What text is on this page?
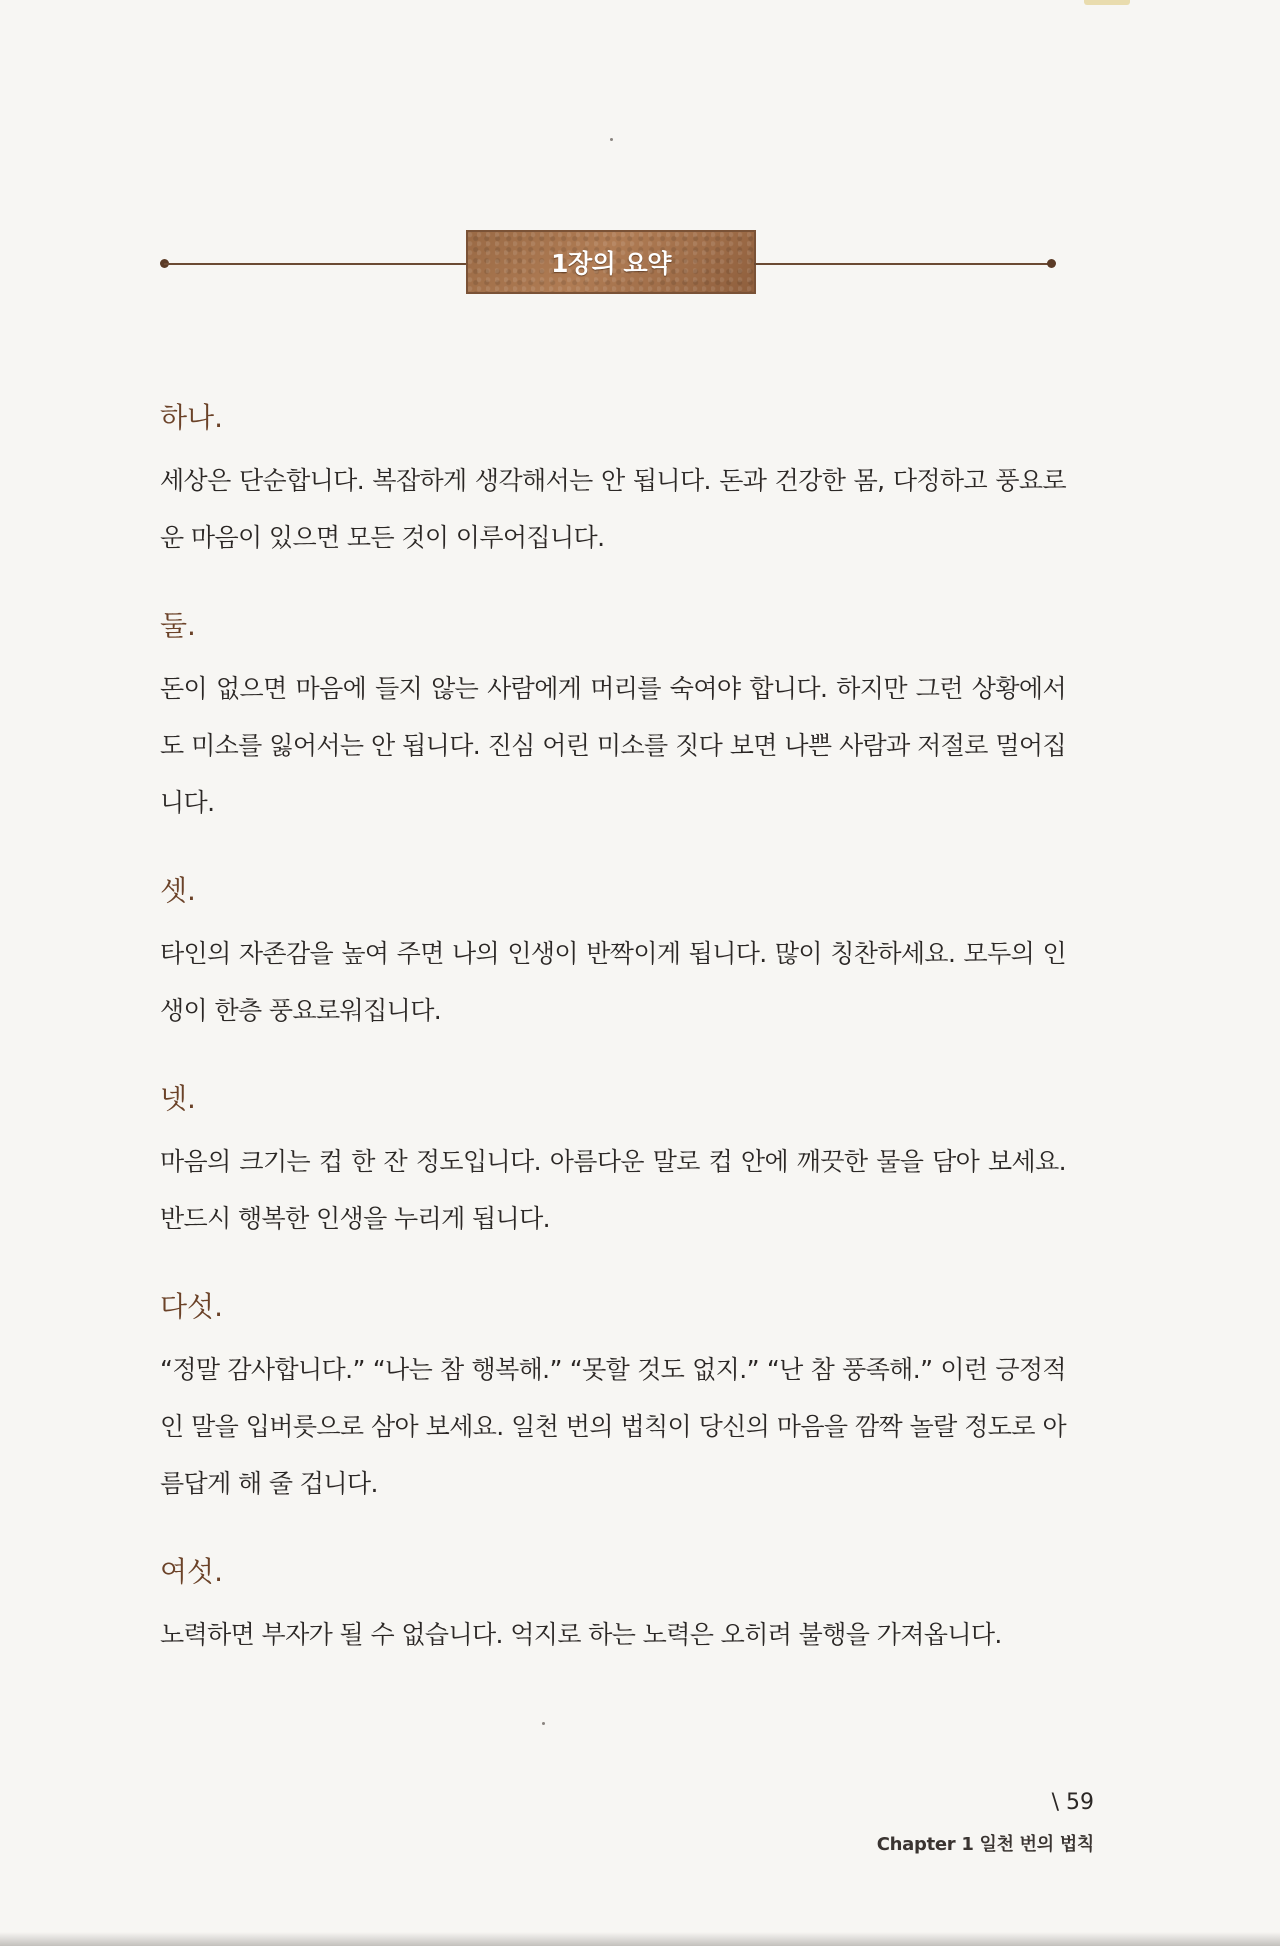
1장의 요약

하나.

세상은 단순합니다. 복잡하게 생각해서는 안 됩니다. 돈과 건강한 몸, 다정하고 풍요로운 마음이 있으면 모든 것이 이루어집니다.

둘.

돈이 없으면 마음에 들지 않는 사람에게 머리를 숙여야 합니다. 하지만 그런 상황에서도 미소를 잃어서는 안 됩니다. 진심 어린 미소를 짓다 보면 나쁜 사람과 저절로 멀어집니다.

셋.

타인의 자존감을 높여 주면 나의 인생이 반짝이게 됩니다. 많이 칭찬하세요. 모두의 인생이 한층 풍요로워집니다.

넷.

마음의 크기는 컵 한 잔 정도입니다. 아름다운 말로 컵 안에 깨끗한 물을 담아 보세요. 반드시 행복한 인생을 누리게 됩니다.

다섯.

“정말 감사합니다.” “나는 참 행복해.” “못할 것도 없지.” “난 참 풍족해.” 이런 긍정적인 말을 입버릇으로 삼아 보세요. 일천 번의 법칙이 당신의 마음을 깜짝 놀랄 정도로 아름답게 해 줄 겁니다.

여섯.

노력하면 부자가 될 수 없습니다. 억지로 하는 노력은 오히려 불행을 가져옵니다.

\ 59
Chapter 1 일천 번의 법칙
